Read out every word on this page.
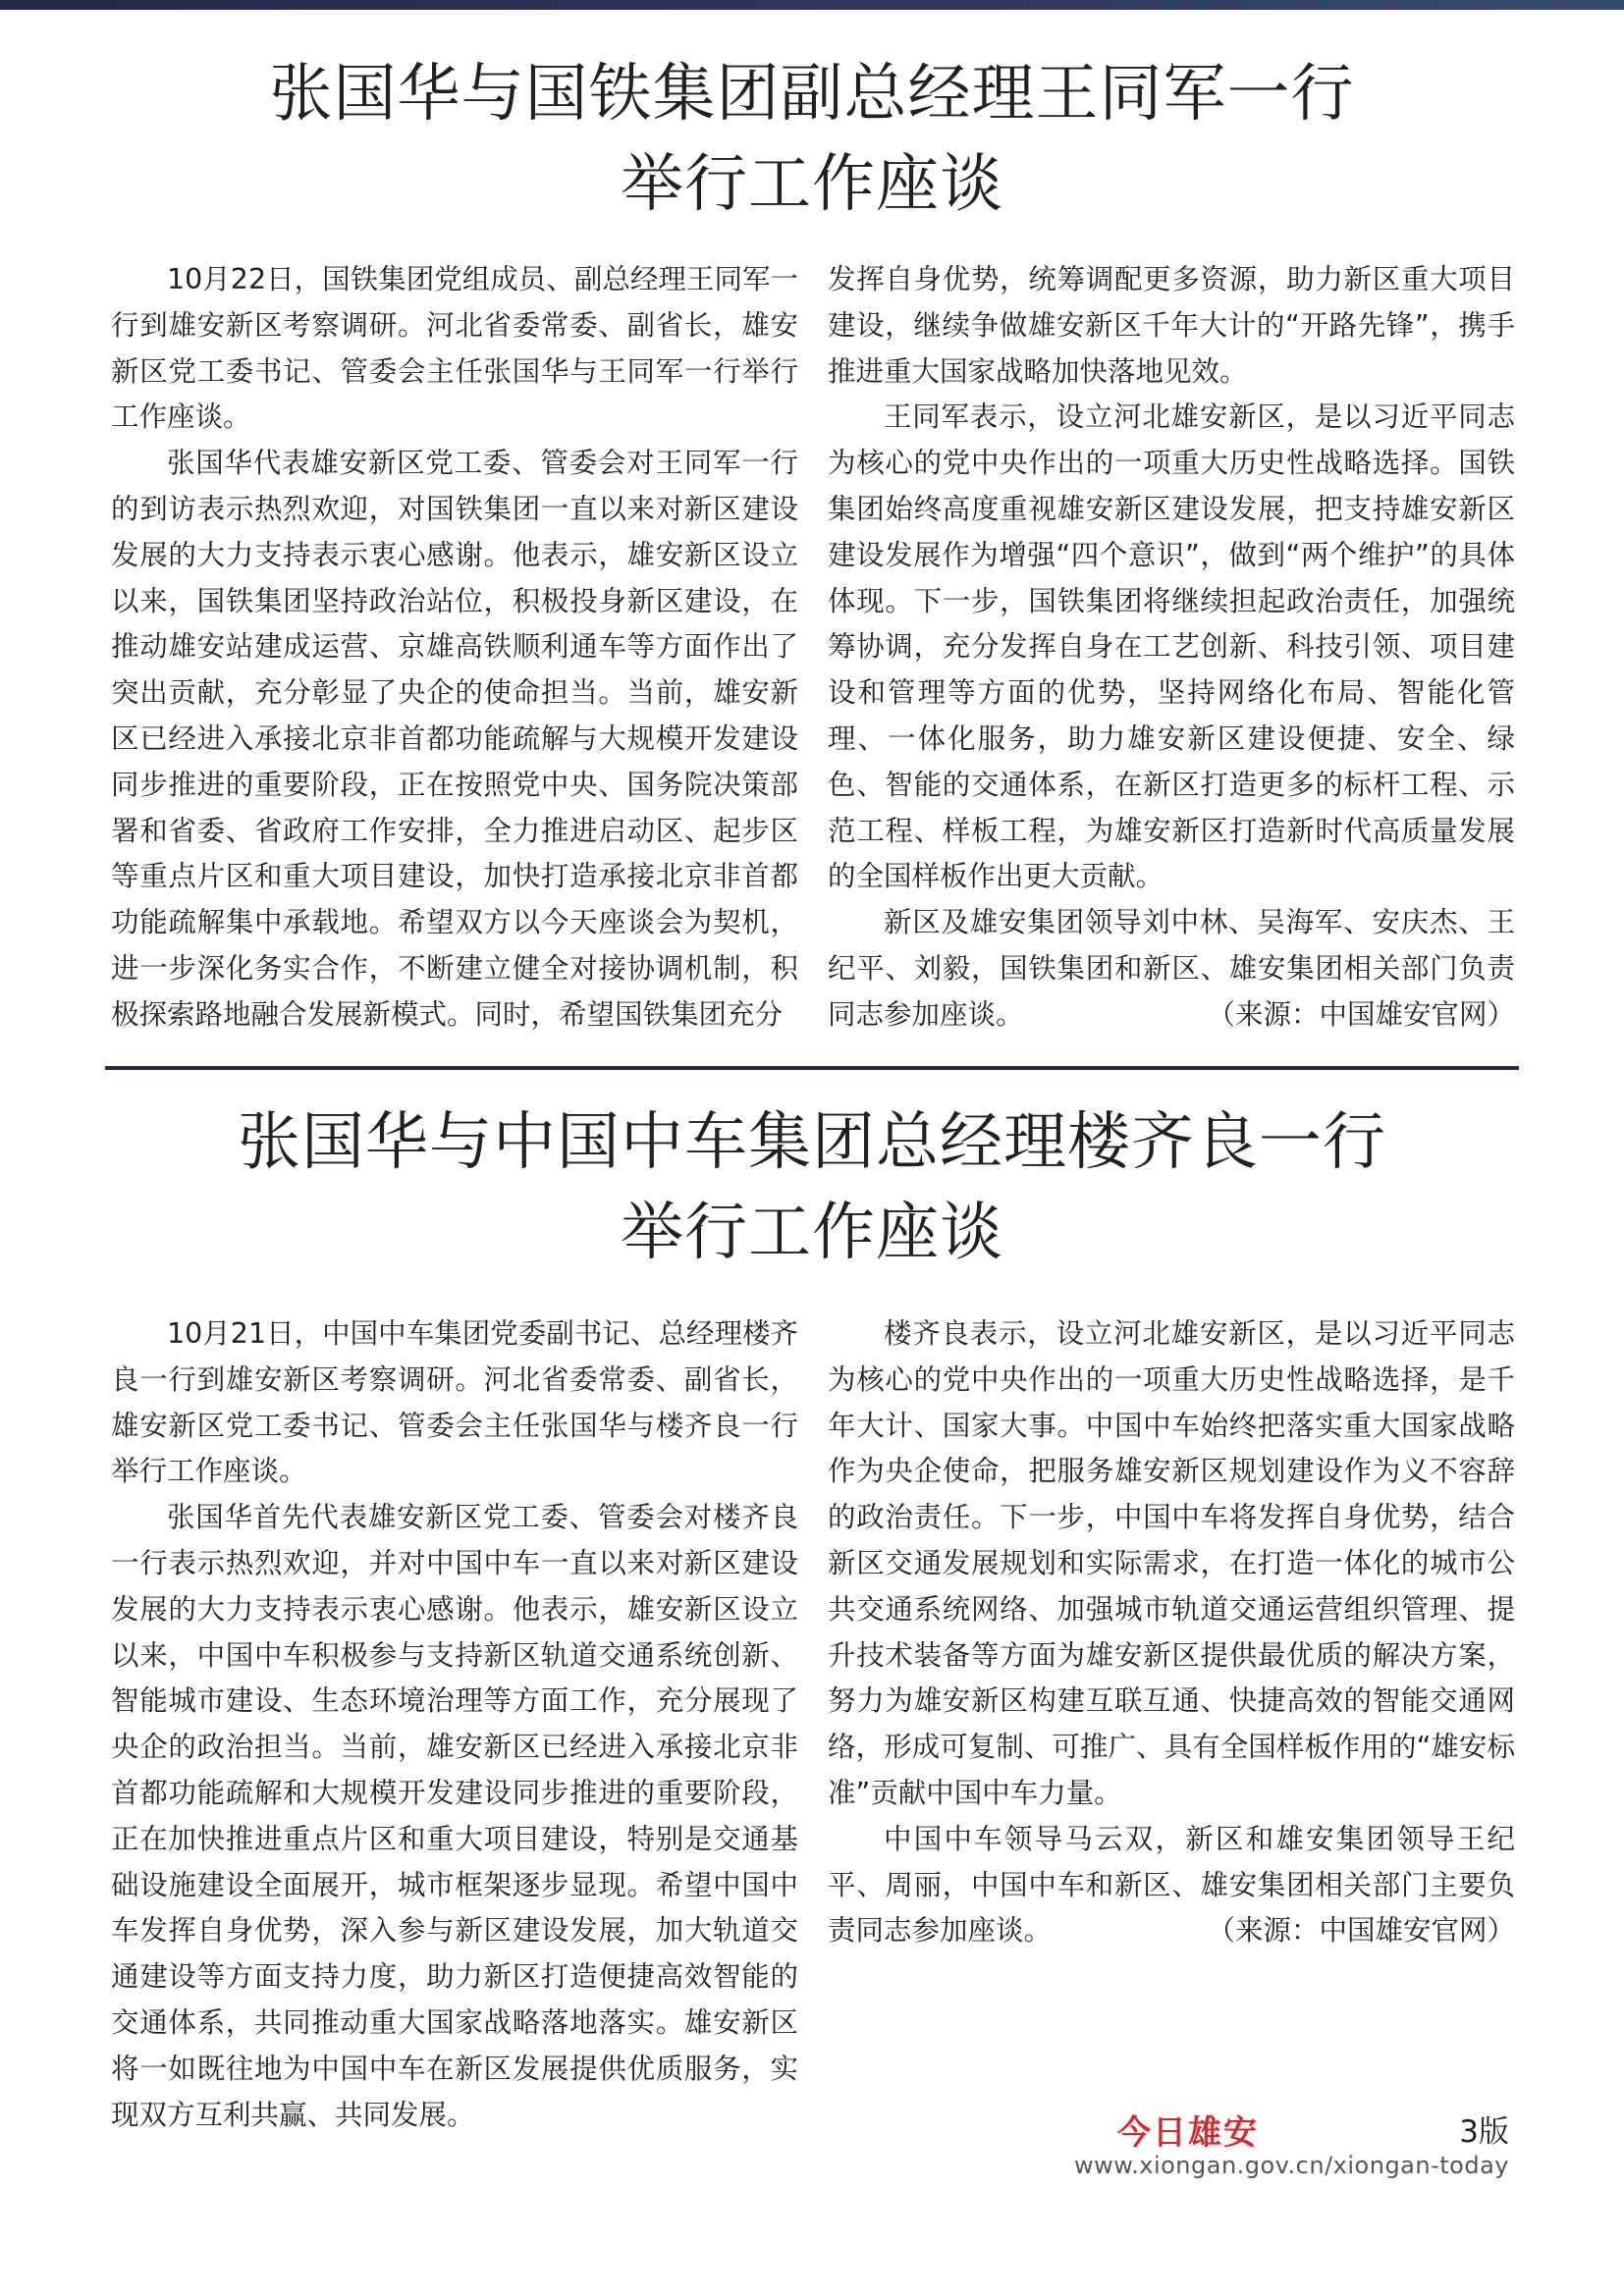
张国华与国铁集团副总经理王同军一行
举行工作座谈

10月22日，国铁集团党组成员、副总经理王同军一行到雄安新区考察调研。河北省委常委、副省长，雄安新区党工委书记、管委会主任张国华与王同军一行举行工作座谈。

张国华代表雄安新区党工委、管委会对王同军一行的到访表示热烈欢迎，对国铁集团一直以来对新区建设发展的大力支持表示衷心感谢。他表示，雄安新区设立以来，国铁集团坚持政治站位，积极投身新区建设，在推动雄安站建成运营、京雄高铁顺利通车等方面作出了突出贡献，充分彰显了央企的使命担当。当前，雄安新区已经进入承接北京非首都功能疏解与大规模开发建设同步推进的重要阶段，正在按照党中央、国务院决策部署和省委、省政府工作安排，全力推进启动区、起步区等重点片区和重大项目建设，加快打造承接北京非首都功能疏解集中承载地。希望双方以今天座谈会为契机，进一步深化务实合作，不断建立健全对接协调机制，积极探索路地融合发展新模式。同时，希望国铁集团充分

发挥自身优势，统筹调配更多资源，助力新区重大项目建设，继续争做雄安新区千年大计的“开路先锋”，携手推进重大国家战略加快落地见效。

王同军表示，设立河北雄安新区，是以习近平同志为核心的党中央作出的一项重大历史性战略选择。国铁集团始终高度重视雄安新区建设发展，把支持雄安新区建设发展作为增强“四个意识”，做到“两个维护”的具体体现。下一步，国铁集团将继续担起政治责任，加强统筹协调，充分发挥自身在工艺创新、科技引领、项目建设和管理等方面的优势，坚持网络化布局、智能化管理、一体化服务，助力雄安新区建设便捷、安全、绿色、智能的交通体系，在新区打造更多的标杆工程、示范工程、样板工程，为雄安新区打造新时代高质量发展的全国样板作出更大贡献。

新区及雄安集团领导刘中林、吴海军、安庆杰、王纪平、刘毅，国铁集团和新区、雄安集团相关部门负责同志参加座谈。	（来源：中国雄安官网）

张国华与中国中车集团总经理楼齐良一行
举行工作座谈

10月21日，中国中车集团党委副书记、总经理楼齐良一行到雄安新区考察调研。河北省委常委、副省长，雄安新区党工委书记、管委会主任张国华与楼齐良一行举行工作座谈。

张国华首先代表雄安新区党工委、管委会对楼齐良一行表示热烈欢迎，并对中国中车一直以来对新区建设发展的大力支持表示衷心感谢。他表示，雄安新区设立以来，中国中车积极参与支持新区轨道交通系统创新、智能城市建设、生态环境治理等方面工作，充分展现了央企的政治担当。当前，雄安新区已经进入承接北京非首都功能疏解和大规模开发建设同步推进的重要阶段，正在加快推进重点片区和重大项目建设，特别是交通基础设施建设全面展开，城市框架逐步显现。希望中国中车发挥自身优势，深入参与新区建设发展，加大轨道交通建设等方面支持力度，助力新区打造便捷高效智能的交通体系，共同推动重大国家战略落地落实。雄安新区将一如既往地为中国中车在新区发展提供优质服务，实现双方互利共赢、共同发展。

楼齐良表示，设立河北雄安新区，是以习近平同志为核心的党中央作出的一项重大历史性战略选择，是千年大计、国家大事。中国中车始终把落实重大国家战略作为央企使命，把服务雄安新区规划建设作为义不容辞的政治责任。下一步，中国中车将发挥自身优势，结合新区交通发展规划和实际需求，在打造一体化的城市公共交通系统网络、加强城市轨道交通运营组织管理、提升技术装备等方面为雄安新区提供最优质的解决方案，努力为雄安新区构建互联互通、快捷高效的智能交通网络，形成可复制、可推广、具有全国样板作用的“雄安标准”贡献中国中车力量。

中国中车领导马云双，新区和雄安集团领导王纪平、周丽，中国中车和新区、雄安集团相关部门主要负责同志参加座谈。	（来源：中国雄安官网）

今日雄安	3版
www.xiongan.gov.cn/xiongan-today
